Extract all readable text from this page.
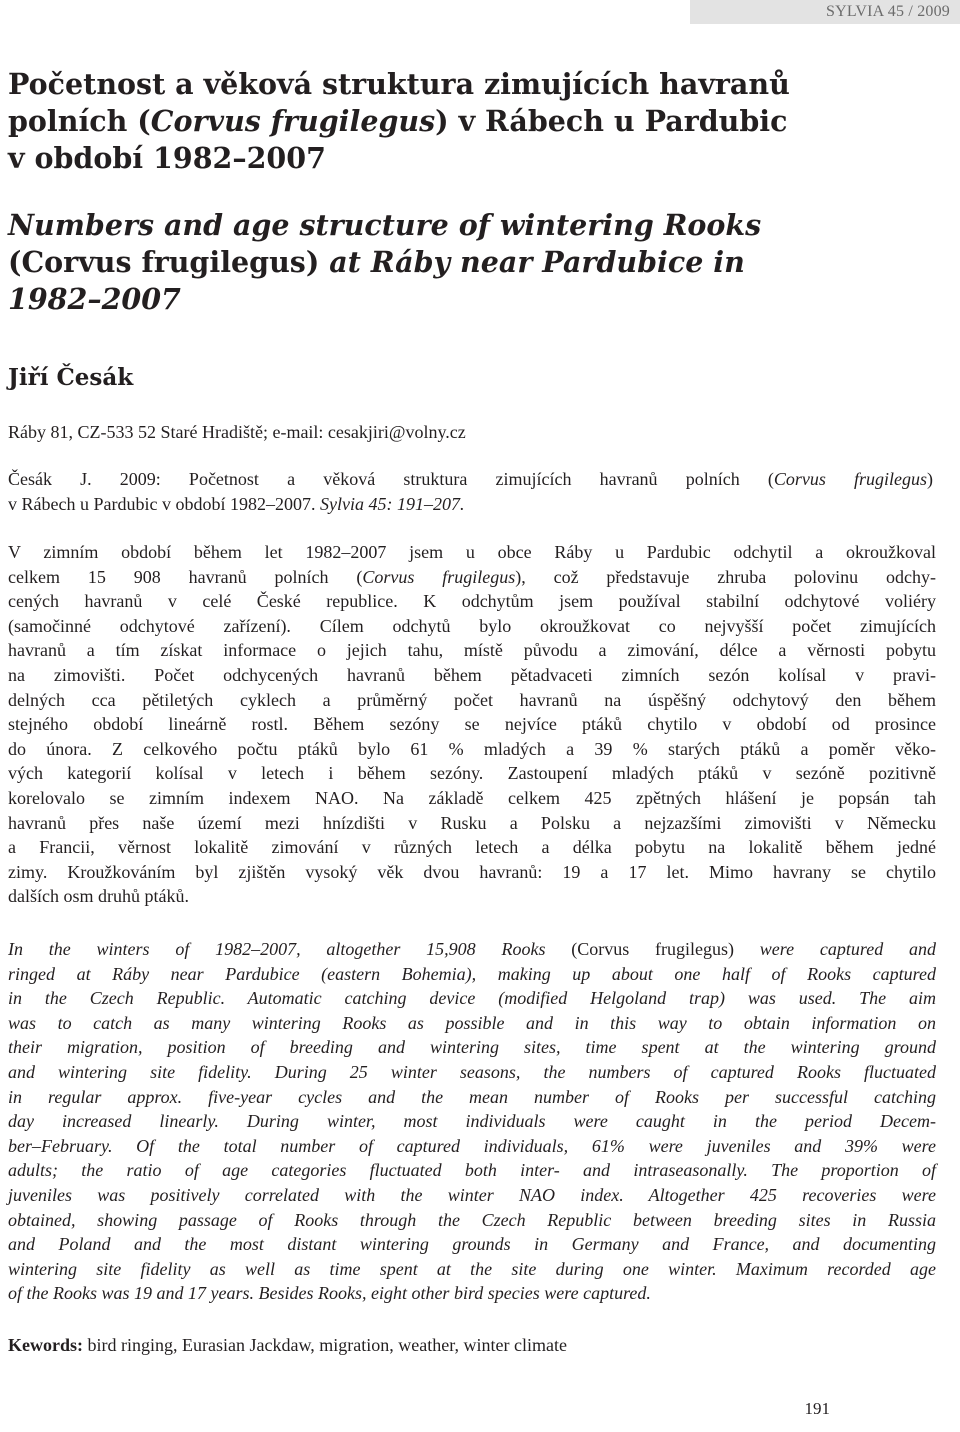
SYLVIA 45 / 2009
Početnost a věková struktura zimujících havranů
polních (Corvus frugilegus) v Rábech u Pardubic
v období 1982–2007
Numbers and age structure of wintering Rooks
(Corvus frugilegus) at Ráby near Pardubice in
1982–2007
Jiří Česák
Ráby 81, CZ-533 52 Staré Hradiště; e-mail: cesakjiri@volny.cz
Česák J. 2009: Početnost a věková struktura zimujících havranů polních (Corvus frugilegus)
v Rábech u Pardubic v období 1982–2007. Sylvia 45: 191–207.
V zimním období během let 1982–2007 jsem u obce Ráby u Pardubic odchytil a okroužkoval
celkem 15 908 havranů polních (Corvus frugilegus), což představuje zhruba polovinu odchy-
cených havranů v celé České republice. K odchytům jsem používal stabilní odchytové voliéry
(samočinné odchytové zařízení). Cílem odchytů bylo okroužkovat co nejvyšší počet zimujících
havranů a tím získat informace o jejich tahu, místě původu a zimování, délce a věrnosti pobytu
na zimovišti. Počet odchycených havranů během pětadvaceti zimních sezón kolísal v pravi-
delných cca pětiletých cyklech a průměrný počet havranů na úspěšný odchytový den během
stejného období lineárně rostl. Během sezóny se nejvíce ptáků chytilo v období od prosince
do února. Z celkového počtu ptáků bylo 61 % mladých a 39 % starých ptáků a poměr věko-
vých kategorií kolísal v letech i během sezóny. Zastoupení mladých ptáků v sezóně pozitivně
korelovalo se zimním indexem NAO. Na základě celkem 425 zpětných hlášení je popsán tah
havranů přes naše území mezi hnízdišti v Rusku a Polsku a nejzazšími zimovišti v Německu
a Francii, věrnost lokalitě zimování v různých letech a délka pobytu na lokalitě během jedné
zimy. Kroužkováním byl zjištěn vysoký věk dvou havranů: 19 a 17 let. Mimo havrany se chytilo
dalších osm druhů ptáků.
In the winters of 1982–2007, altogether 15,908 Rooks (Corvus frugilegus) were captured and
ringed at Ráby near Pardubice (eastern Bohemia), making up about one half of Rooks captured
in the Czech Republic. Automatic catching device (modified Helgoland trap) was used. The aim
was to catch as many wintering Rooks as possible and in this way to obtain information on
their migration, position of breeding and wintering sites, time spent at the wintering ground
and wintering site fidelity. During 25 winter seasons, the numbers of captured Rooks fluctuated
in regular approx. five-year cycles and the mean number of Rooks per successful catching
day increased linearly. During winter, most individuals were caught in the period Decem-
ber–February. Of the total number of captured individuals, 61% were juveniles and 39% were
adults; the ratio of age categories fluctuated both inter- and intraseasonally. The proportion of
juveniles was positively correlated with the winter NAO index. Altogether 425 recoveries were
obtained, showing passage of Rooks through the Czech Republic between breeding sites in Russia
and Poland and the most distant wintering grounds in Germany and France, and documenting
wintering site fidelity as well as time spent at the site during one winter. Maximum recorded age
of the Rooks was 19 and 17 years. Besides Rooks, eight other bird species were captured.
Kewords: bird ringing, Eurasian Jackdaw, migration, weather, winter climate
191
